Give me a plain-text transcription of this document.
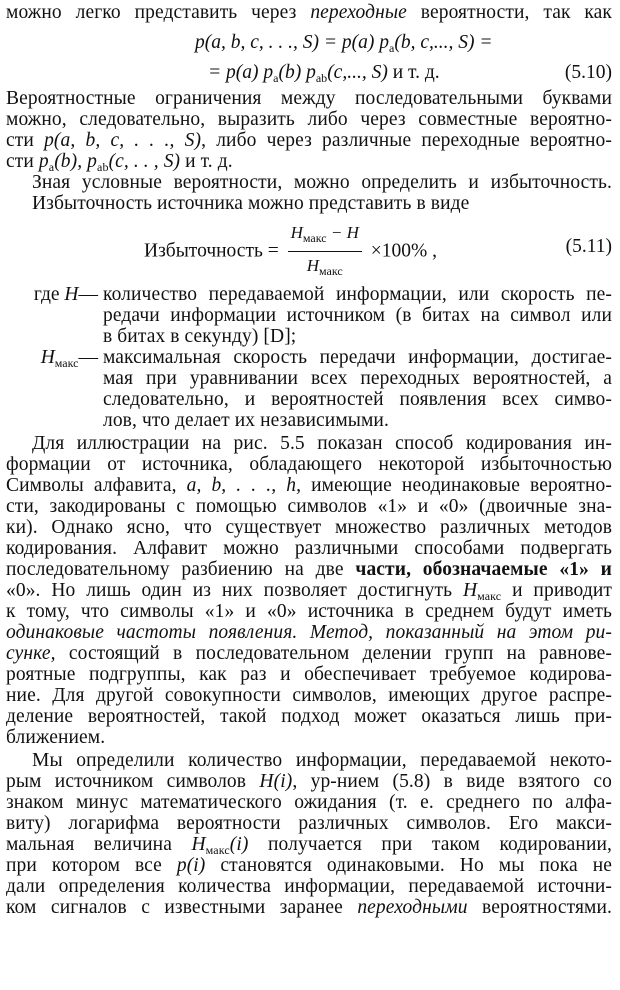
можно легко представить через переходные вероятности, так как
p(a, b, c, . . ., S) = p(a) $p_a(b$, c,..., S) =
= p(a) $p_a(b)$ $p_{ab}(c$,..., S) и т. д.	(5.10)
Вероятностные ограничения между последовательными буквами
можно, следовательно, выразить либо через совместные вероятно-
сти p(a, b, c, . . ., S), либо через различные переходные вероятно-
сти $p_a(b)$, $p_{ab}(c$, . . , S) и т. д.
Зная условные вероятности, можно определить и избыточность.
Избыточность источника можно представить в виде
Избыточность = $\frac{H_{макс} - H}{H_{макс}} \times 100\%$ ,	(5.11)
где H— количество передаваемой информации, или скорость пе-
редачи информации источником (в битах на символ или
в битах в секунду) [D];
$H_{макс}—$ максимальная скорость передачи информации, достигае-
мая при уравнивании всех переходных вероятностей, а
следовательно, и вероятностей появления всех симво-
лов, что делает их независимыми.
Для иллюстрации на рис. 5.5 показан способ кодирования ин-
формации от источника, обладающего некоторой избыточностью
Символы алфавита, a, b, . . ., h, имеющие неодинаковые вероятно-
сти, закодированы с помощью символов «1» и «0» (двоичные зна-
ки). Однако ясно, что существует множество различных методов
кодирования. Алфавит можно различными способами подвергать
последовательному разбиению на две части, обозначаемые «1» и
«0». Но лишь один из них позволяет достигнуть $H_{макс}$ и приводит
к тому, что символы «1» и «0» источника в среднем будут иметь
одинаковые частоты появления. Метод, показанный на этом ри-
сунке, состоящий в последовательном делении групп на равнове-
роятные подгруппы, как раз и обеспечивает требуемое кодирова-
ние. Для другой совокупности символов, имеющих другое распре-
деление вероятностей, такой подход может оказаться лишь при-
ближением.
Мы определили количество информации, передаваемой некото-
рым источником символов H(i), ур-нием (5.8) в виде взятого со
знаком минус математического ожидания (т. е. среднего по алфа-
виту) логарифма вероятности различных символов. Его макси-
мальная величина $H_{макс}(i)$ получается при таком кодировании,
при котором все p(i) становятся одинаковыми. Но мы пока не
дали определения количества информации, передаваемой источни-
ком сигналов с известными заранее переходными вероятностями.
